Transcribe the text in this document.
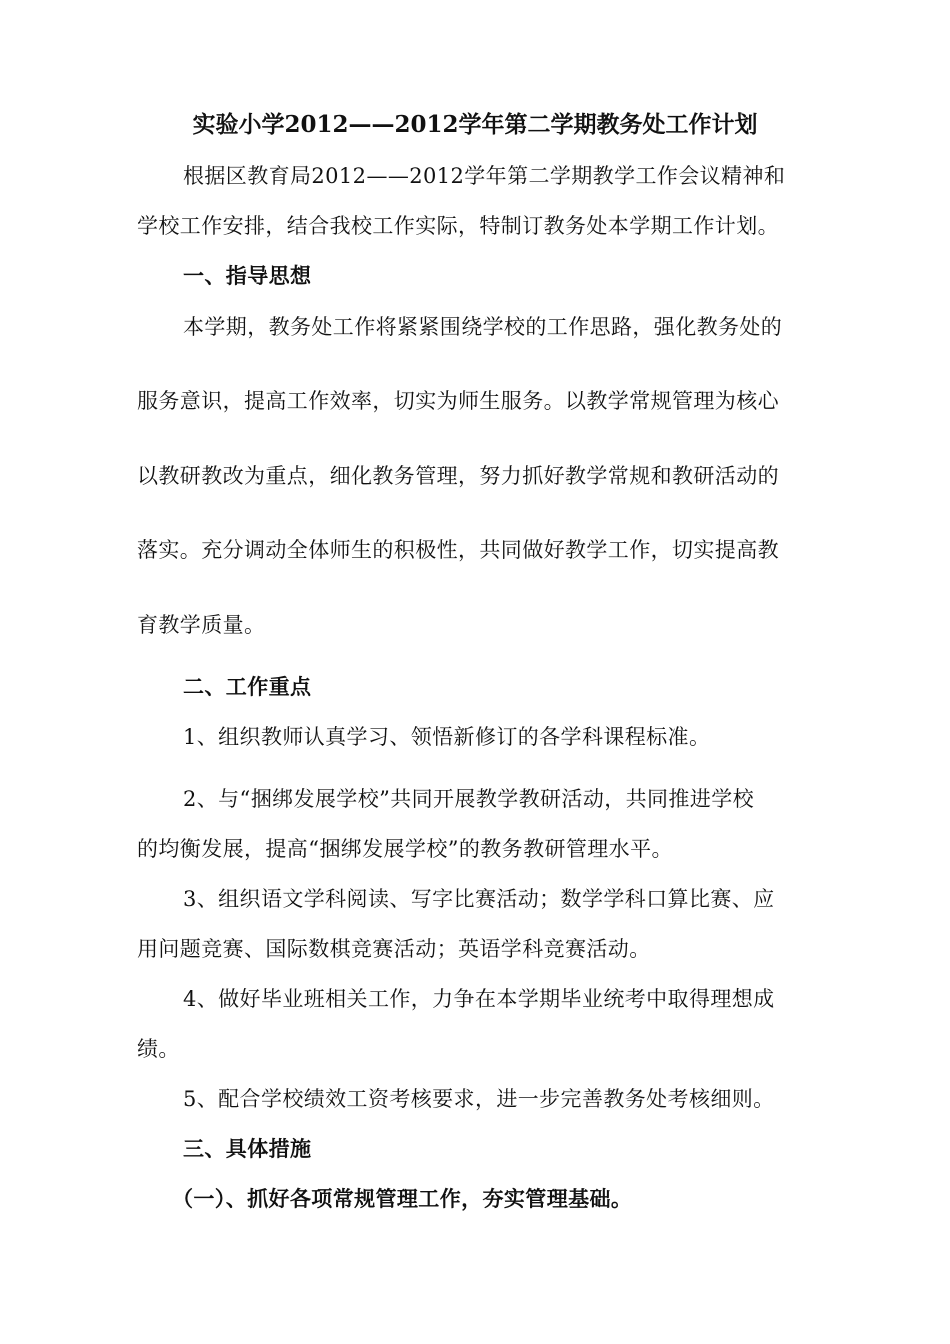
实验小学2012——2012学年第二学期教务处工作计划
根据区教育局2012——2012学年第二学期教学工作会议精神和
学校工作安排，结合我校工作实际，特制订教务处本学期工作计划。
一、指导思想
本学期，教务处工作将紧紧围绕学校的工作思路，强化教务处的
服务意识，提高工作效率，切实为师生服务。以教学常规管理为核心
以教研教改为重点，细化教务管理，努力抓好教学常规和教研活动的
落实。充分调动全体师生的积极性，共同做好教学工作，切实提高教
育教学质量。
二、工作重点
1、组织教师认真学习、领悟新修订的各学科课程标准。
2、与“捆绑发展学校”共同开展教学教研活动，共同推进学校
的均衡发展，提高“捆绑发展学校”的教务教研管理水平。
3、组织语文学科阅读、写字比赛活动；数学学科口算比赛、应
用问题竞赛、国际数棋竞赛活动；英语学科竞赛活动。
4、做好毕业班相关工作，力争在本学期毕业统考中取得理想成
绩。
5、配合学校绩效工资考核要求，进一步完善教务处考核细则。
三、具体措施
（一）、抓好各项常规管理工作，夯实管理基础。
